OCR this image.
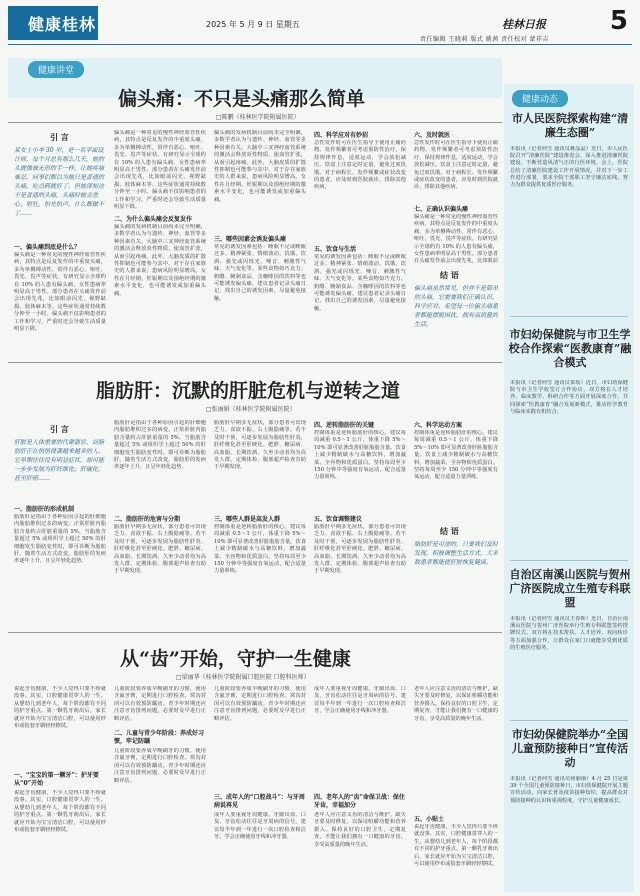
健康桂林	2025 年 5 月 9 日 星期五	桂林日报 5
责任编辑 王晓莉 版式 姚茜 责任校对 蒙祥吉
健康讲堂
偏头痛：不只是头痛那么简单
□陈鹏（桂林医学院附属医院）
引 言
某女士小李 30 岁，是一名平面设计师，每个月总有那么几天，她的头就像被无形的手一样，让她疼痛难忍。同事们都以为她只是普通的头痛，吃点药就好了。但她深知这不是普通的头痛，头痛时她会恶心、呕吐，怕光怕声，什么都做不了……
一、偏头痛到底是什么？
偏头痛是一种常见的慢性神经血管性疾病，其特点是反复发作的中重度头痛，多为单侧搏动性，常伴有恶心、呕吐、畏光、畏声等症状。有研究显示全球约有 10% 的人患有偏头痛，女性患病率明显高于男性。部分患者在头痛发作前会出现先兆，比如眼前闪光、视野缺损、肢体麻木等，这些症状通常持续数分钟至一小时。偏头痛不仅影响患者的工作和学习，严重时还会导致生活质量明显下降。
偏头痛是一种常见的慢性神经血管性疾病，其特点是反复发作的中重度头痛，多为单侧搏动性，常伴有恶心、呕吐、畏光、畏声等症状。有研究显示全球约有 10% 的人患有偏头痛，女性患病率明显高于男性。部分患者在头痛发作前会出现先兆，比如眼前闪光、视野缺损、肢体麻木等，这些症状通常持续数分钟至一小时。偏头痛不仅影响患者的工作和学习，严重时还会导致生活质量明显下降。
二、为什么偏头痛会反复发作
偏头痛的发病机制目前尚未完全明确，多数学者认为与遗传、神经、血管等多种因素有关。大脑中三叉神经血管系统的激活会释放炎性物质，使血管扩张，从而引起疼痛。此外，大脑皮质的扩散性抑制也可能参与其中。对于存在家族史的人群来说，患病风险明显增高。女性在月经期、妊娠期以及围绝经期的激素水平变化，也可能诱发或加重偏头痛。
偏头痛的发病机制目前尚未完全明确，多数学者认为与遗传、神经、血管等多种因素有关。大脑中三叉神经血管系统的激活会释放炎性物质，使血管扩张，从而引起疼痛。此外，大脑皮质的扩散性抑制也可能参与其中。对于存在家族史的人群来说，患病风险明显增高。女性在月经期、妊娠期以及围绝经期的激素水平变化，也可能诱发或加重偏头痛。
三、哪些因素会诱发偏头痛
常见的诱发因素包括：睡眠不足或睡眠过多、精神紧张、情绪波动、饥饿、饮酒、强光或闪烁光、噪音、刺激性气味、天气变化等。某些食物如巧克力、奶酪、腌制食品、含咖啡因的饮料等也可能诱发偏头痛。建议患者记录头痛日记，找出自己的诱发因素，尽量避免接触。
四、科学应对有妙招
急性发作时可在医生指导下使用止痛药物。发作频繁者可考虑预防性治疗。保持规律作息，适度运动，学会放松减压。饮食上注意定时定量，避免过度饥饿。对于病程长、发作频繁或症状改变的患者，应及时到医院就诊，排除其他疾病。
五、饮食与生活
常见的诱发因素包括：睡眠不足或睡眠过多、精神紧张、情绪波动、饥饿、饮酒、强光或闪烁光、噪音、刺激性气味、天气变化等。某些食物如巧克力、奶酪、腌制食品、含咖啡因的饮料等也可能诱发偏头痛。建议患者记录头痛日记，找出自己的诱发因素，尽量避免接触。
六、及时就医
急性发作时可在医生指导下使用止痛药物。发作频繁者可考虑预防性治疗。保持规律作息，适度运动，学会放松减压。饮食上注意定时定量，避免过度饥饿。对于病程长、发作频繁或症状改变的患者，应及时到医院就诊，排除其他疾病。
七、正确认识偏头痛
偏头痛是一种常见的慢性神经血管性疾病，其特点是反复发作的中重度头痛，多为单侧搏动性，常伴有恶心、呕吐、畏光、畏声等症状。有研究显示全球约有 10% 的人患有偏头痛，女性患病率明显高于男性。部分患者在头痛发作前会出现先兆，比如眼前
结 语
偏头痛虽然常见，但并不是简单的头痛，它需要我们正确认识，科学应对。希望每一位偏头痛患者都能摆脱困扰，拥有高质量的生活。
脂肪肝：沉默的肝脏危机与逆转之道
□张丽娟（桂林医学院附属医院）
引 言
肝脏是人体重要的代谢器官，而脂肪肝正在悄悄侵袭越来越多的人。它早期往往没有明显症状，却可能一步步发展为肝纤维化、肝硬化，甚至肝癌……
一、脂肪肝的形成机制
脂肪肝是指由于各种原因引起的肝细胞内脂肪堆积过多的病变。正常肝脏内脂肪含量约占肝脏重量的 5%，当脂肪含量超过 5% 或组织学上超过 50% 的肝细胞发生脂肪变性时，即可诊断为脂肪肝。随着生活方式改变，脂肪肝的发病率逐年上升，且呈年轻化趋势。
脂肪肝是指由于各种原因引起的肝细胞内脂肪堆积过多的病变。正常肝脏内脂肪含量约占肝脏重量的 5%，当脂肪含量超过 5% 或组织学上超过 50% 的肝细胞发生脂肪变性时，即可诊断为脂肪肝。随着生活方式改变，脂肪肝的发病率逐年上升，且呈年轻化趋势。
二、脂肪肝的危害与分期
脂肪肝早期多无症状，部分患者可出现乏力、食欲不振、右上腹隐痛等。若不及时干预，可逐步发展为脂肪性肝炎、肝纤维化甚至肝硬化。肥胖、糖尿病、高血脂、长期饮酒、久坐少动者均为高发人群。定期体检、腹部超声检查有助于早期发现。
脂肪肝早期多无症状，部分患者可出现乏力、食欲不振、右上腹隐痛等。若不及时干预，可逐步发展为脂肪性肝炎、肝纤维化甚至肝硬化。肥胖、糖尿病、高血脂、长期饮酒、久坐少动者均为高发人群。定期体检、腹部超声检查有助于早期发现。
三、哪些人群是高发人群
控制体重是逆转脂肪肝的核心。建议每周减重 0.5～1 公斤，体重下降 5%～10% 即可显著改善肝脏脂肪含量。饮食上减少精制碳水与高糖饮料，增加蔬菜、全谷物和优质蛋白。坚持每周至少 150 分钟中等强度有氧运动，配合适量力量训练。
四、逆转脂肪肝的关键
控制体重是逆转脂肪肝的核心。建议每周减重 0.5～1 公斤，体重下降 5%～10% 即可显著改善肝脏脂肪含量。饮食上减少精制碳水与高糖饮料，增加蔬菜、全谷物和优质蛋白。坚持每周至少 150 分钟中等强度有氧运动，配合适量力量训练。
五、饮食调整建议
脂肪肝早期多无症状，部分患者可出现乏力、食欲不振、右上腹隐痛等。若不及时干预，可逐步发展为脂肪性肝炎、肝纤维化甚至肝硬化。肥胖、糖尿病、高血脂、长期饮酒、久坐少动者均为高发人群。定期体检、腹部超声检查有助于早期发现。
六、科学运动方案
控制体重是逆转脂肪肝的核心。建议每周减重 0.5～1 公斤，体重下降 5%～10% 即可显著改善肝脏脂肪含量。饮食上减少精制碳水与高糖饮料，增加蔬菜、全谷物和优质蛋白。坚持每周至少 150 分钟中等强度有氧运动，配合适量力量训练。
结 语
脂肪肝是可逆的。只要我们及时发现，积极调整生活方式，大多数患者都能使肝脏恢复健康。
从“齿”开始，守护一生健康
□梁丽华（桂林医学院附属口腔医院 口腔科医师）
说起牙齿健康，不少人觉得只要不疼就没事。其实，口腔健康贯穿人的一生，从婴幼儿到老年人，每个阶段都有不同的护牙重点。第一颗乳牙萌出后，家长就应开始为宝宝清洁口腔，可以使用纱布或指套牙刷轻轻擦拭。
一、“宝宝的第一颗牙”：护牙要从“0”开始
说起牙齿健康，不少人觉得只要不疼就没事。其实，口腔健康贯穿人的一生，从婴幼儿到老年人，每个阶段都有不同的护牙重点。第一颗乳牙萌出后，家长就应开始为宝宝清洁口腔，可以使用纱布或指套牙刷轻轻擦拭。
儿童阶段要养成早晚刷牙的习惯，使用含氟牙膏，定期进行口腔检查。窝沟封闭可以有效预防龋齿。青少年时期还应注意牙齿排列问题，必要时及早进行正畸评估。
二、儿童与青少年阶段：养成好习惯，牢记防龋
儿童阶段要养成早晚刷牙的习惯，使用含氟牙膏，定期进行口腔检查。窝沟封闭可以有效预防龋齿。青少年时期还应注意牙齿排列问题，必要时及早进行正畸评估。
儿童阶段要养成早晚刷牙的习惯，使用含氟牙膏，定期进行口腔检查。窝沟封闭可以有效预防龋齿。青少年时期还应注意牙齿排列问题，必要时及早进行正畸评估。
三、成年人的“口腔战斗”：与牙周病说再见
成年人要重视牙周健康。牙龈出血、口臭、牙齿松动往往是牙周病的信号。建议每半年到一年进行一次口腔检查和洁牙，学会正确使用牙线和冲牙器。
成年人要重视牙周健康。牙龈出血、口臭、牙齿松动往往是牙周病的信号。建议每半年到一年进行一次口腔检查和洁牙，学会正确使用牙线和冲牙器。
四、老年人的“齿”命保卫战：保住牙齿，幸福加分
老年人应注意义齿的清洁与维护，缺失牙要及时修复，以保证咀嚼功能和营养摄入。保持良好的口腔卫生，定期复查，才能让我们拥有一口健康的牙齿，享受高质量的晚年生活。
老年人应注意义齿的清洁与维护，缺失牙要及时修复，以保证咀嚼功能和营养摄入。保持良好的口腔卫生，定期复查，才能让我们拥有一口健康的牙齿，享受高质量的晚年生活。
五、小贴士
说起牙齿健康，不少人觉得只要不疼就没事。其实，口腔健康贯穿人的一生，从婴幼儿到老年人，每个阶段都有不同的护牙重点。第一颗乳牙萌出后，家长就应开始为宝宝清洁口腔，可以使用纱布或指套牙刷轻轻擦拭。
健康动态
市人民医院探索构建“清廉生态圈”
本报讯（记者何雪 通讯员蒋晶晶）近日，市人民医院召开“清廉医院”建设推进会，深入推进清廉医院建设，不断营造风清气正的行医环境。会上，医院总结了清廉医院建设工作开展情况，并对下一步工作进行部署，要求全院干部职工坚守廉洁底线，努力为群众提供优质医疗服务。
市妇幼保健院与市卫生学校合作探索“医教康育”融合模式
本报讯（记者何雪 通讯员秦瑶）近日，市妇幼保健院与市卫生学校签订合作协议，双方将在人才培养、临床教学、科研合作等方面开展深度合作，共同探索“医教康育”融合发展新模式，推动医学教育与临床实践有机结合。
自治区南溪山医院与贺州广济医院成立生殖专科联盟
本报讯（记者何雪 通讯员王春晖）近日，自治区南溪山医院与贺州广济医院举行生殖专科联盟签约授牌仪式。双方将在技术帮扶、人才培养、双向转诊等方面加强合作，让群众在家门口就能享受到优质的生殖医疗服务。
市妇幼保健院举办“全国儿童预防接种日”宣传活动
本报讯（记者何雪 通讯员何丽丽）4 月 25 日是第 39 个全国儿童预防接种日，市妇幼保健院开展主题宣传活动，向家长普及疫苗接种知识，提高群众对预防接种的认识和重视程度，守护儿童健康成长。
